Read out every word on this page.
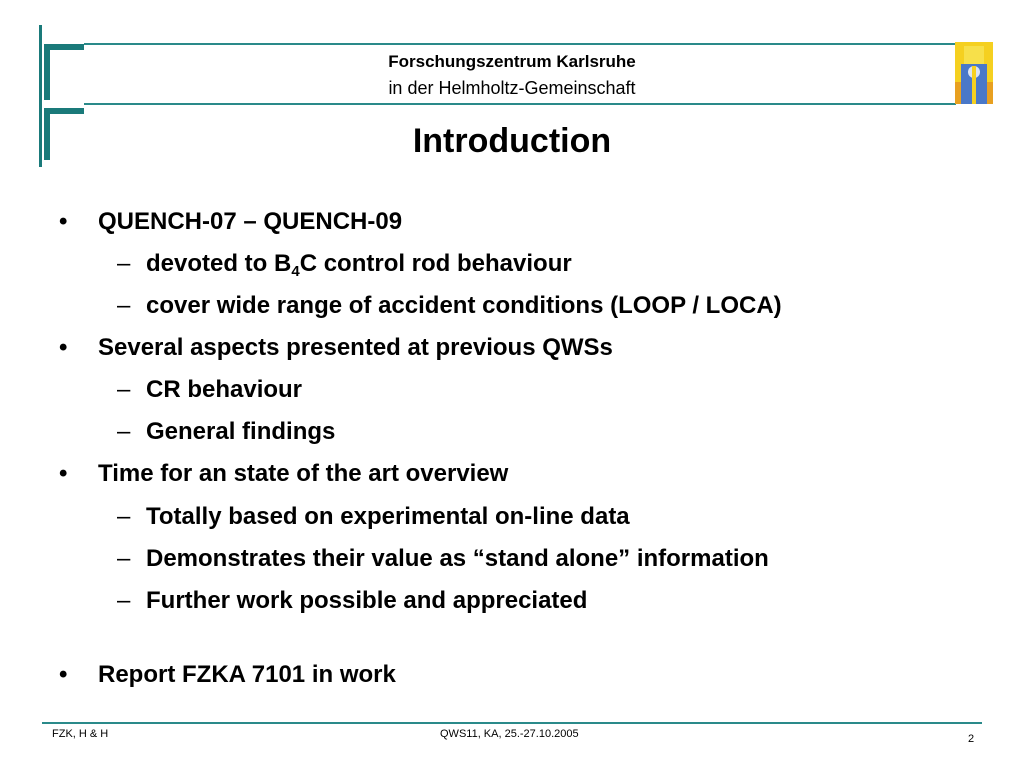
Forschungszentrum Karlsruhe
in der Helmholtz-Gemeinschaft
Introduction
• QUENCH-07 – QUENCH-09
– devoted to $B_4C$ control rod behaviour
– cover wide range of accident conditions (LOOP / LOCA)
• Several aspects presented at previous QWSs
– CR behaviour
– General findings
• Time for an state of the art overview
– Totally based on experimental on-line data
– Demonstrates their value as “stand alone” information
– Further work possible and appreciated
• Report FZKA 7101 in work
FZK, H & H	QWS11, KA, 25.-27.10.2005	2
